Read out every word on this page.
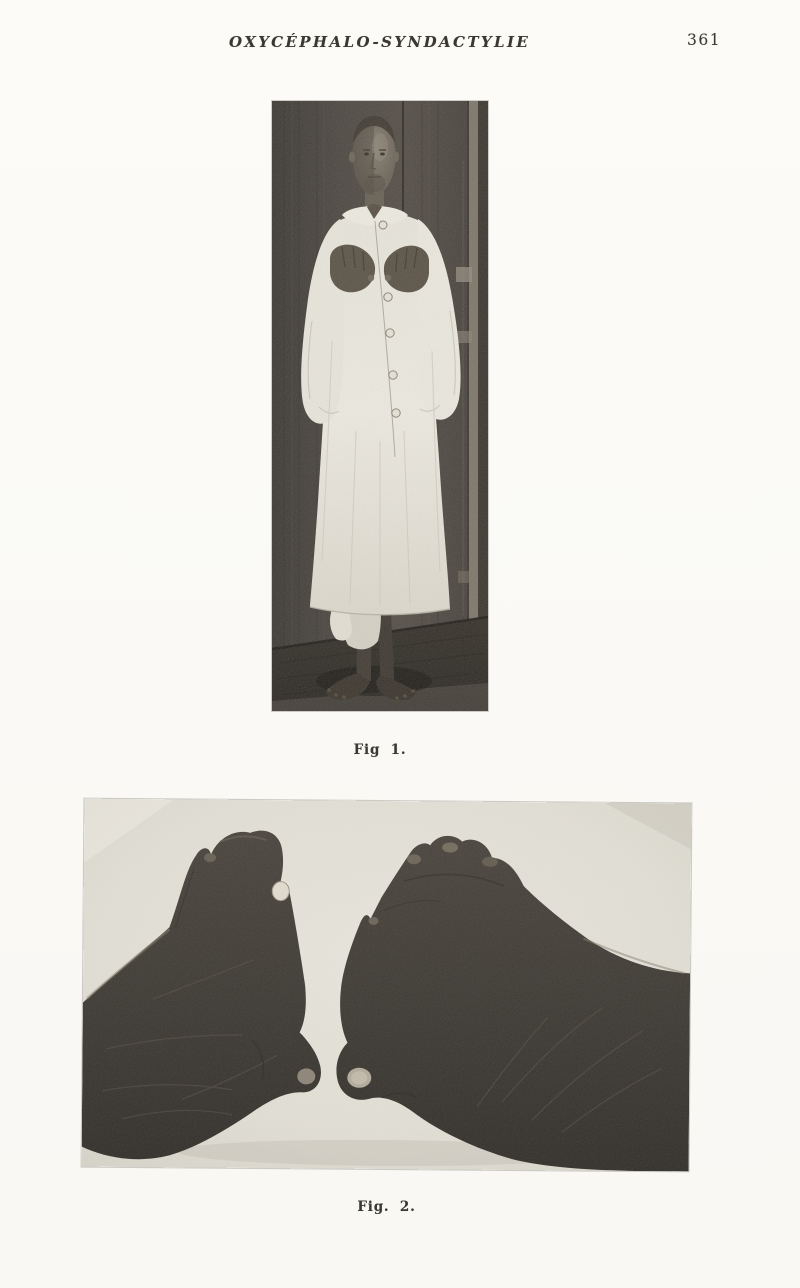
OXYCÉPHALO-SYNDACTYLIE	361
Fig 1.
Fig. 2.
